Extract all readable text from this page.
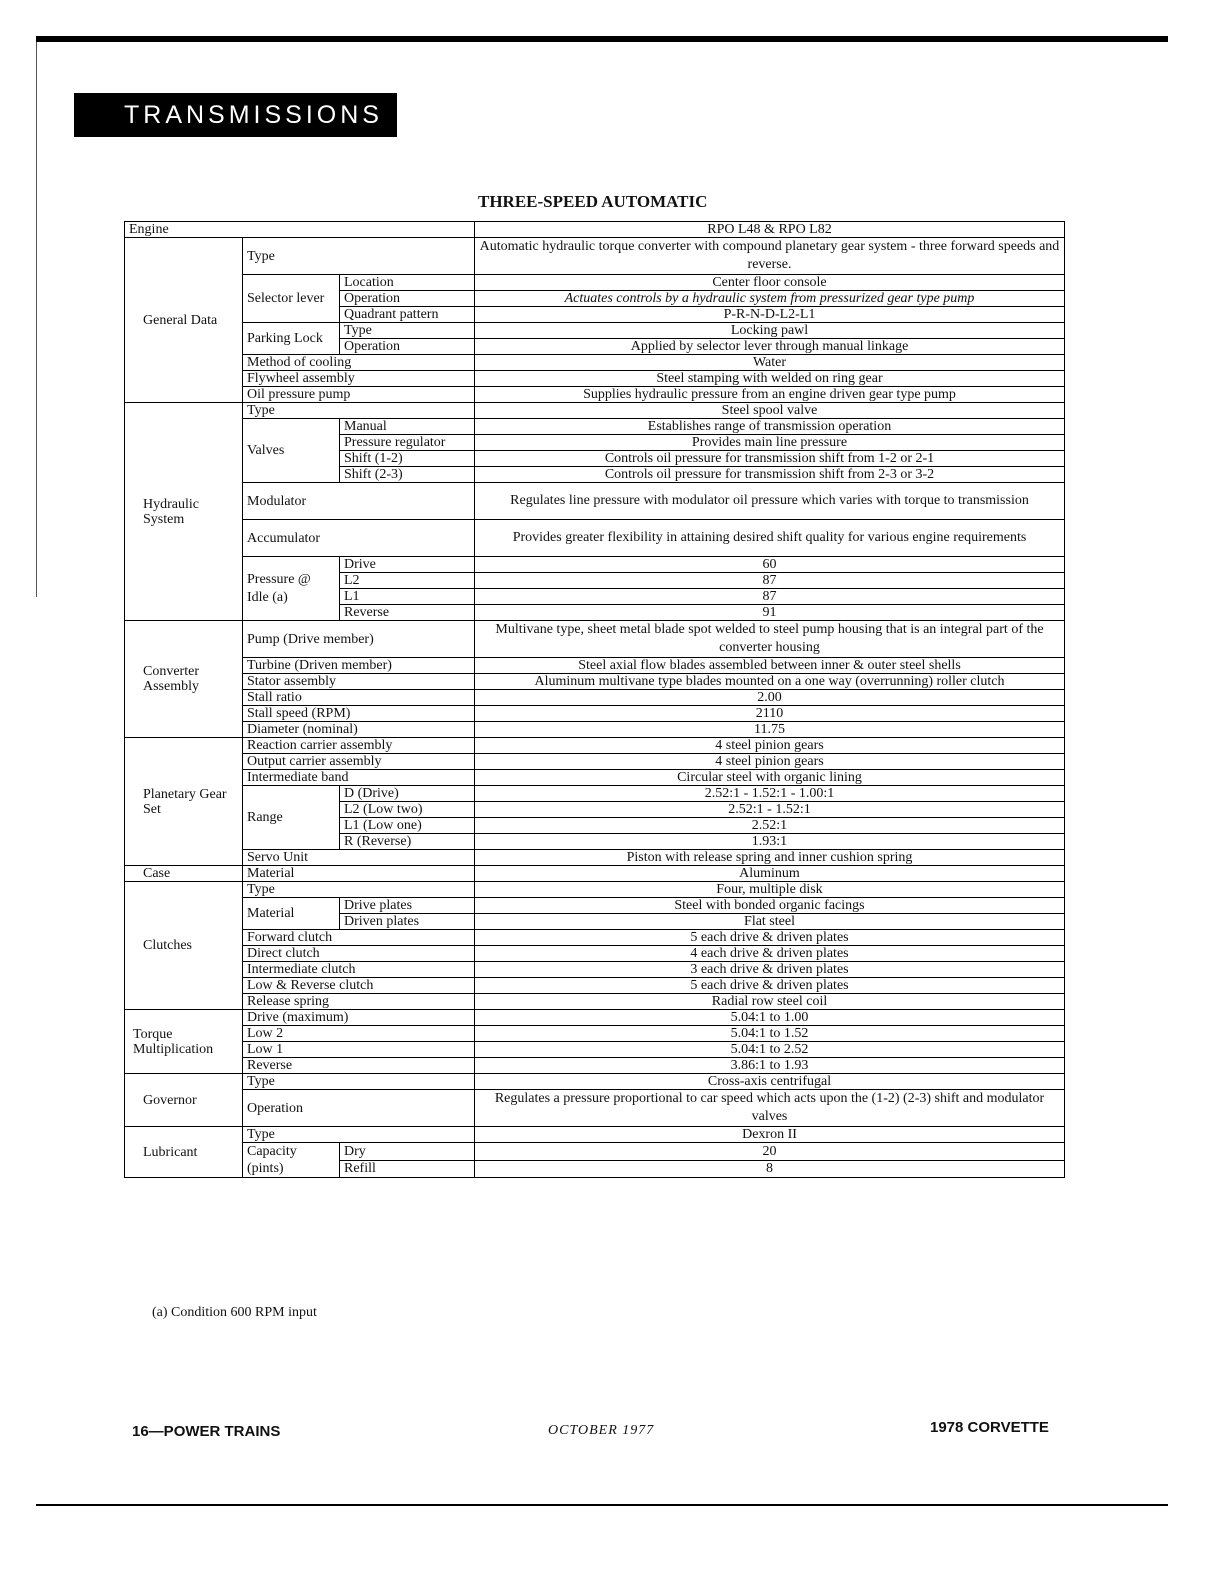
TRANSMISSIONS
THREE-SPEED AUTOMATIC
Engine			RPO L48 & RPO L82
General Data	Type		Automatic hydraulic torque converter with compound planetary gear system - three forward speeds and reverse.
	Selector lever	Location	Center floor console
		Operation	Actuates controls by a hydraulic system from pressurized gear type pump
		Quadrant pattern	P-R-N-D-L2-L1
	Parking Lock	Type	Locking pawl
		Operation	Applied by selector lever through manual linkage
	Method of cooling		Water
	Flywheel assembly		Steel stamping with welded on ring gear
	Oil pressure pump		Supplies hydraulic pressure from an engine driven gear type pump
Hydraulic System	Type		Steel spool valve
	Valves	Manual	Establishes range of transmission operation
		Pressure regulator	Provides main line pressure
		Shift (1-2)	Controls oil pressure for transmission shift from 1-2 or 2-1
		Shift (2-3)	Controls oil pressure for transmission shift from 2-3 or 3-2
	Modulator		Regulates line pressure with modulator oil pressure which varies with torque to transmission
	Accumulator		Provides greater flexibility in attaining desired shift quality for various engine requirements
	Pressure @ Idle (a)	Drive	60
		L2	87
		L1	87
		Reverse	91
Converter Assembly	Pump (Drive member)		Multivane type, sheet metal blade spot welded to steel pump housing that is an integral part of the converter housing
	Turbine (Driven member)		Steel axial flow blades assembled between inner & outer steel shells
	Stator assembly		Aluminum multivane type blades mounted on a one way (overrunning) roller clutch
	Stall ratio		2.00
	Stall speed (RPM)		2110
	Diameter (nominal)		11.75
Planetary Gear Set	Reaction carrier assembly		4 steel pinion gears
	Output carrier assembly		4 steel pinion gears
	Intermediate band		Circular steel with organic lining
	Range	D (Drive)	2.52:1 - 1.52:1 - 1.00:1
		L2 (Low two)	2.52:1 - 1.52:1
		L1 (Low one)	2.52:1
		R (Reverse)	1.93:1
	Servo Unit		Piston with release spring and inner cushion spring
Case	Material		Aluminum
Clutches	Type		Four, multiple disk
	Material	Drive plates	Steel with bonded organic facings
		Driven plates	Flat steel
	Forward clutch		5 each drive & driven plates
	Direct clutch		4 each drive & driven plates
	Intermediate clutch		3 each drive & driven plates
	Low & Reverse clutch		5 each drive & driven plates
	Release spring		Radial row steel coil
Torque Multiplication	Drive (maximum)		5.04:1 to 1.00
	Low 2		5.04:1 to 1.52
	Low 1		5.04:1 to 2.52
	Reverse		3.86:1 to 1.93
Governor	Type		Cross-axis centrifugal
	Operation		Regulates a pressure proportional to car speed which acts upon the (1-2) (2-3) shift and modulator valves
Lubricant	Type		Dexron II
	Capacity (pints)	Dry	20
		Refill	8
(a) Condition 600 RPM input
16—POWER TRAINS	OCTOBER 1977	1978 CORVETTE
